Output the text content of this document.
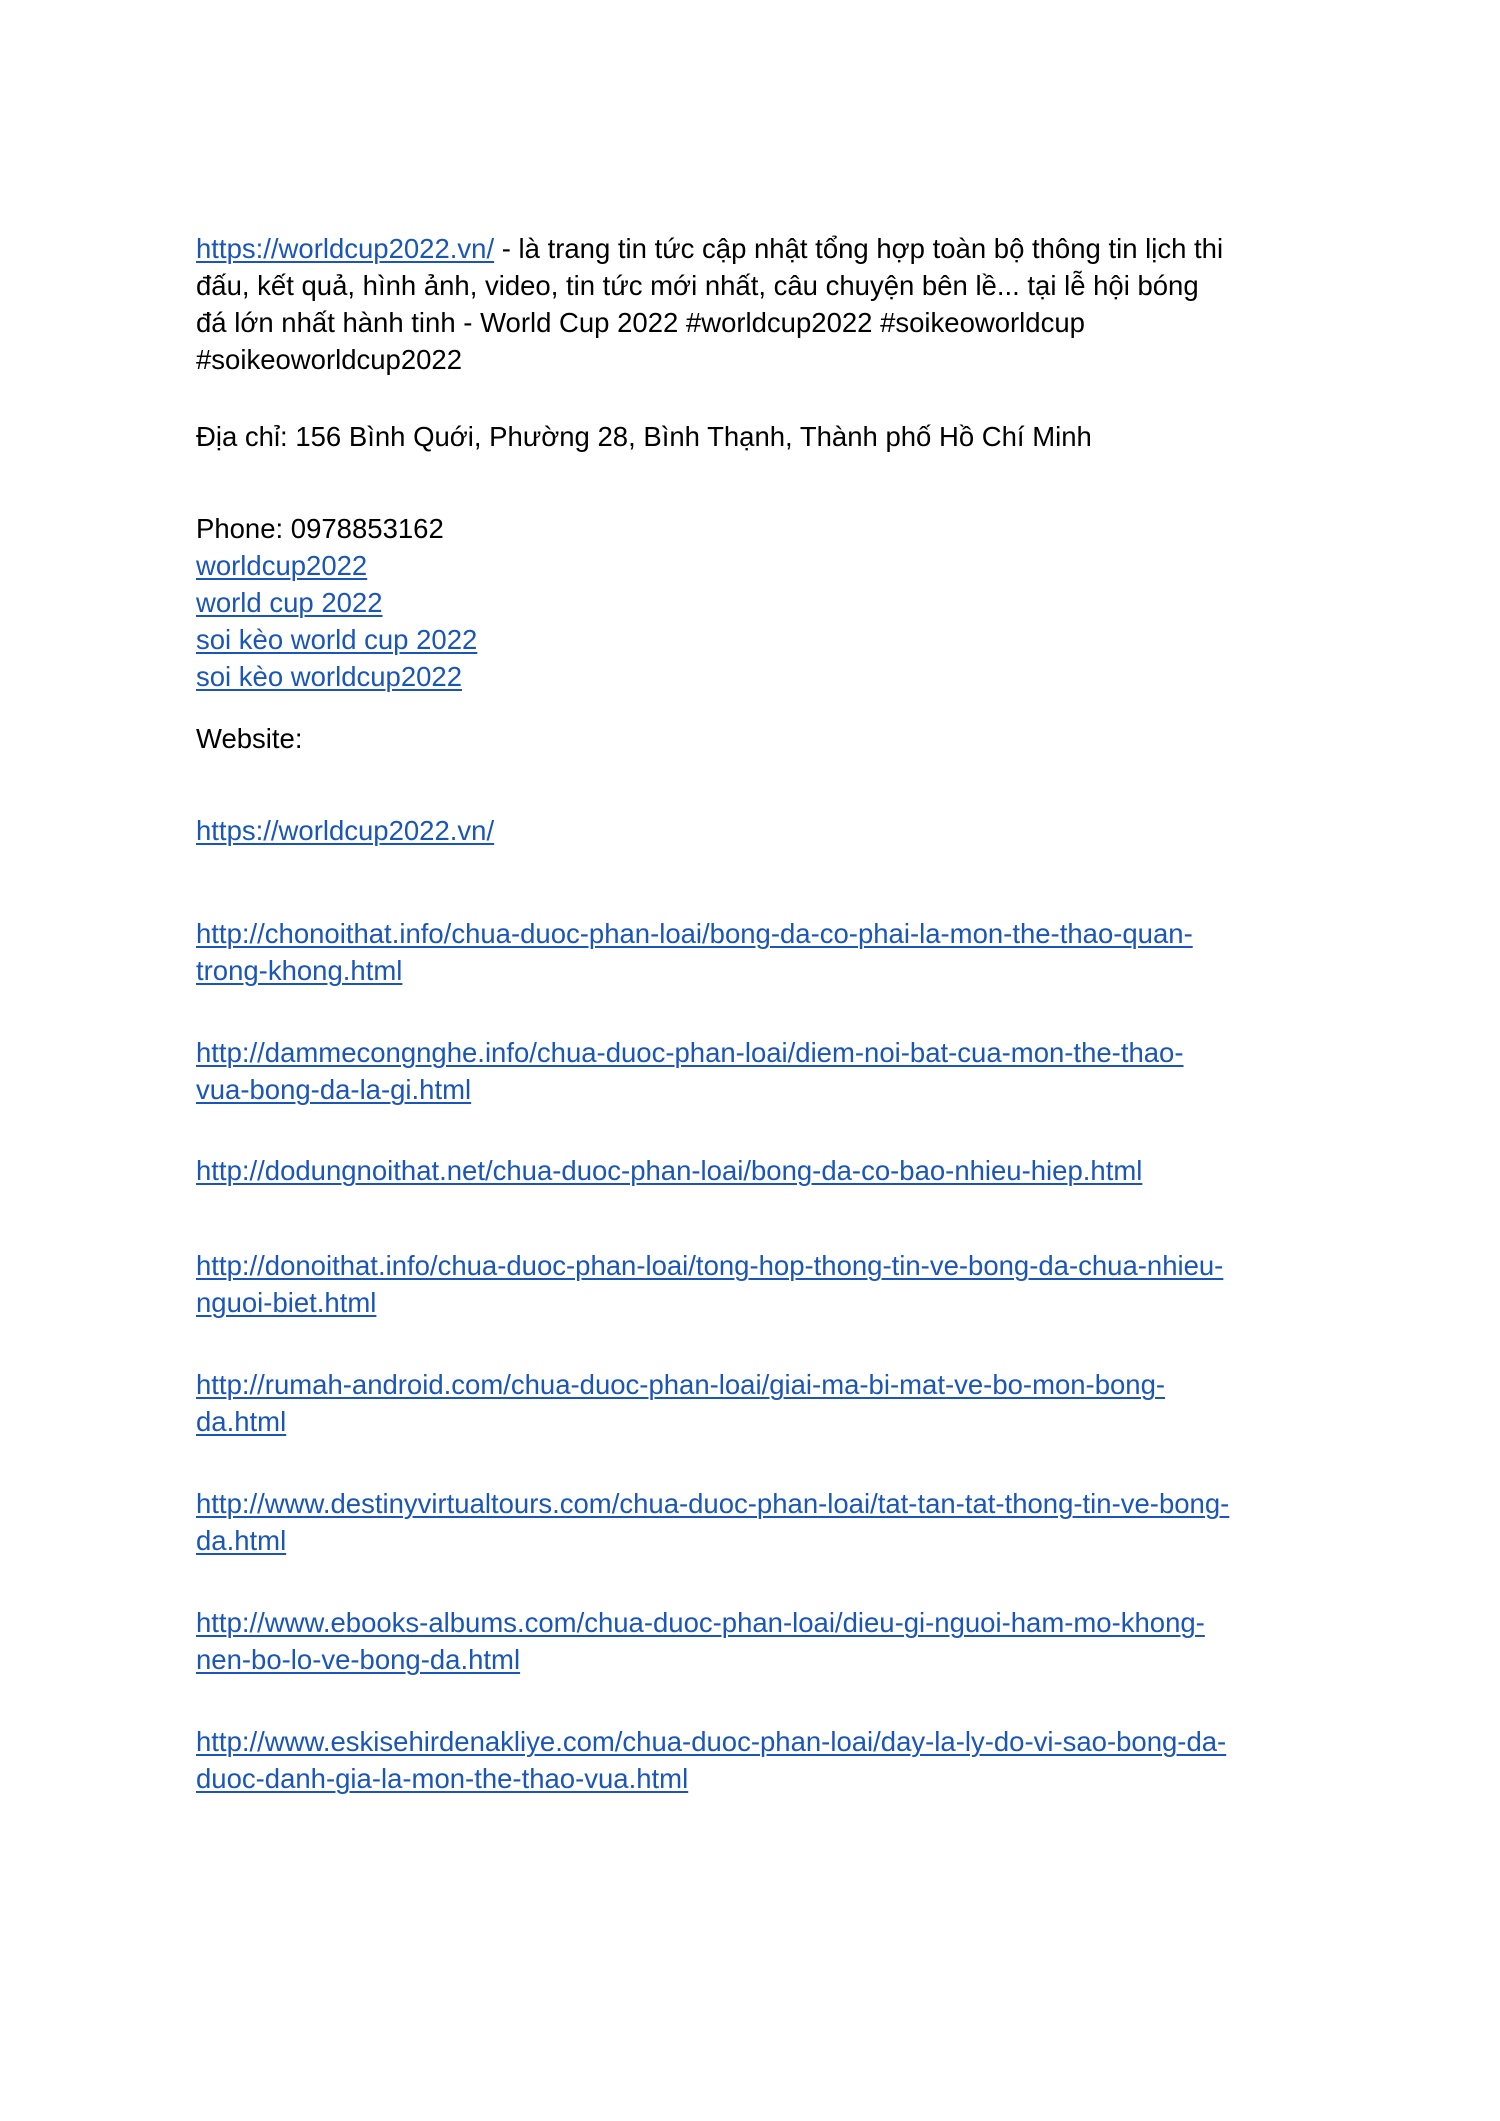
https://worldcup2022.vn/ - là trang tin tức cập nhật tổng hợp toàn bộ thông tin lịch thi
đấu, kết quả, hình ảnh, video, tin tức mới nhất, câu chuyện bên lề... tại lễ hội bóng
đá lớn nhất hành tinh - World Cup 2022 #worldcup2022 #soikeoworldcup
#soikeoworldcup2022
Địa chỉ: 156 Bình Quới, Phường 28, Bình Thạnh, Thành phố Hồ Chí Minh
Phone: 0978853162
worldcup2022
world cup 2022
soi kèo world cup 2022
soi kèo worldcup2022
Website:
https://worldcup2022.vn/
http://chonoithat.info/chua-duoc-phan-loai/bong-da-co-phai-la-mon-the-thao-quan-
trong-khong.html
http://dammecongnghe.info/chua-duoc-phan-loai/diem-noi-bat-cua-mon-the-thao-
vua-bong-da-la-gi.html
http://dodungnoithat.net/chua-duoc-phan-loai/bong-da-co-bao-nhieu-hiep.html
http://donoithat.info/chua-duoc-phan-loai/tong-hop-thong-tin-ve-bong-da-chua-nhieu-
nguoi-biet.html
http://rumah-android.com/chua-duoc-phan-loai/giai-ma-bi-mat-ve-bo-mon-bong-
da.html
http://www.destinyvirtualtours.com/chua-duoc-phan-loai/tat-tan-tat-thong-tin-ve-bong-
da.html
http://www.ebooks-albums.com/chua-duoc-phan-loai/dieu-gi-nguoi-ham-mo-khong-
nen-bo-lo-ve-bong-da.html
http://www.eskisehirdenakliye.com/chua-duoc-phan-loai/day-la-ly-do-vi-sao-bong-da-
duoc-danh-gia-la-mon-the-thao-vua.html
